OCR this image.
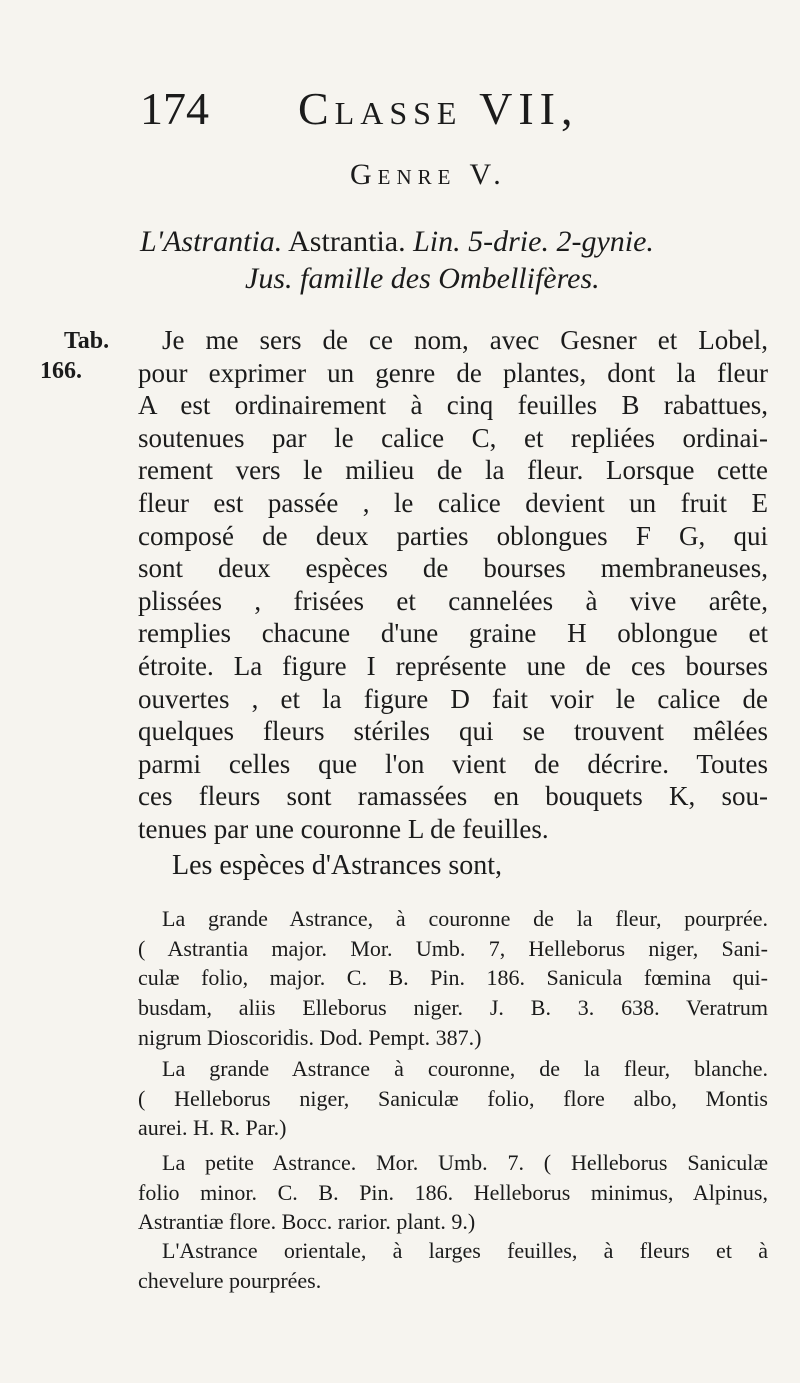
174 Classe VII,
Genre V.
L'Astrantia. Astrantia. Lin. 5-drie. 2-gynie.
Jus. famille des Ombellifères.
Tab.
166.
Je me sers de ce nom, avec Gesner et Lobel,
pour exprimer un genre de plantes, dont la fleur
A est ordinairement à cinq feuilles B rabattues,
soutenues par le calice C, et repliées ordinai-
rement vers le milieu de la fleur. Lorsque cette
fleur est passée , le calice devient un fruit E
composé de deux parties oblongues F G, qui
sont deux espèces de bourses membraneuses,
plissées , frisées et cannelées à vive arête,
remplies chacune d'une graine H oblongue et
étroite. La figure I représente une de ces bourses
ouvertes , et la figure D fait voir le calice de
quelques fleurs stériles qui se trouvent mêlées
parmi celles que l'on vient de décrire. Toutes
ces fleurs sont ramassées en bouquets K, sou-
tenues par une couronne L de feuilles.
Les espèces d'Astrances sont,
La grande Astrance, à couronne de la fleur, pourprée.
( Astrantia major. Mor. Umb. 7, Helleborus niger, Sani-
culæ folio, major. C. B. Pin. 186. Sanicula fœmina qui-
busdam, aliis Elleborus niger. J. B. 3. 638. Veratrum
nigrum Dioscoridis. Dod. Pempt. 387.)
La grande Astrance à couronne, de la fleur, blanche.
( Helleborus niger, Saniculæ folio, flore albo, Montis
aurei. H. R. Par.)
La petite Astrance. Mor. Umb. 7. ( Helleborus Saniculæ
folio minor. C. B. Pin. 186. Helleborus minimus, Alpinus,
Astrantiæ flore. Bocc. rarior. plant. 9.)
L'Astrance orientale, à larges feuilles, à fleurs et à
chevelure pourprées.
